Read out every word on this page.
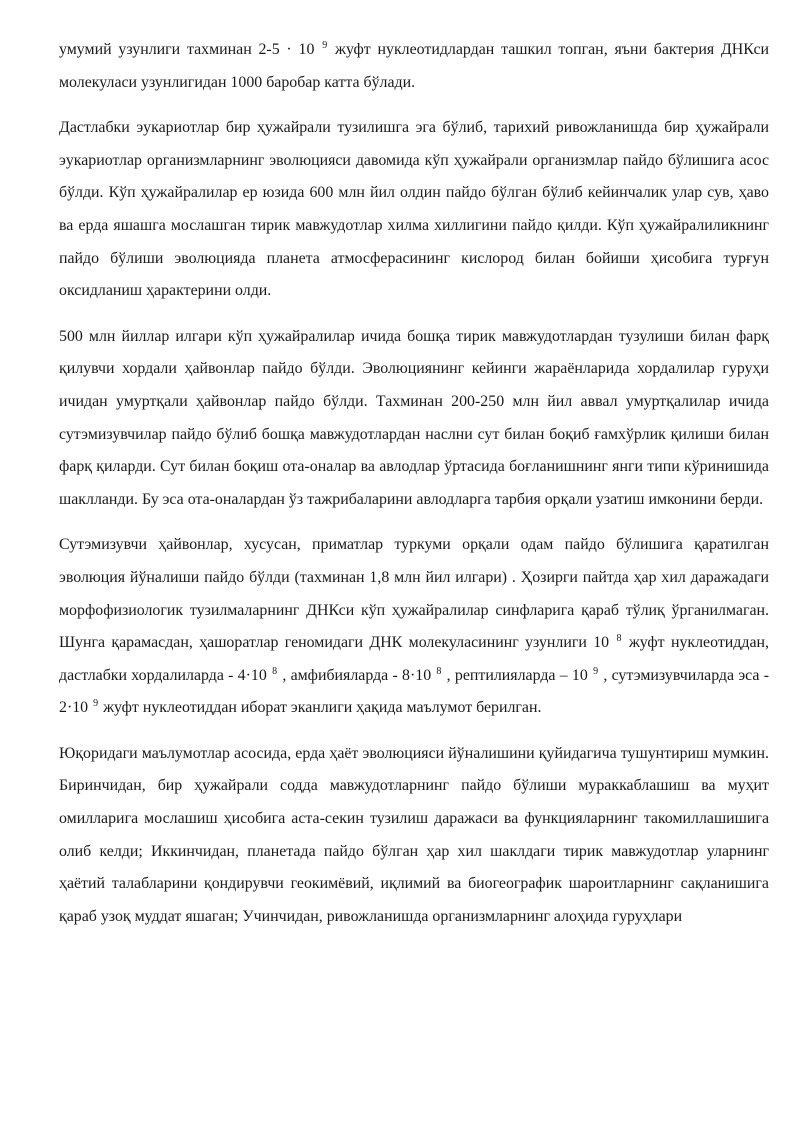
умумий узунлиги тахминан 2-5 · 10 $^9$ жуфт нуклеотидлардан ташкил топган, яъни бактерия ДНКси молекуласи узунлигидан 1000 баробар катта бўлади.

Дастлабки эукариотлар бир ҳужайрали тузилишга эга бўлиб, тарихий ривожланишда бир ҳужайрали эукариотлар организмларнинг эволюцияси давомида кўп ҳужайрали организмлар пайдо бўлишига асос бўлди. Кўп ҳужайралилар ер юзида 600 млн йил олдин пайдо бўлган бўлиб кейинчалик улар сув, ҳаво ва ерда яшашга мослашган тирик мавжудотлар хилма хиллигини пайдо қилди. Кўп ҳужайралиликнинг пайдо бўлиши эволюцияда планета атмосферасининг кислород билан бойиши ҳисобига турғун оксидланиш ҳарактерини олди.

500 млн йиллар илгари кўп ҳужайралилар ичида бошқа тирик мавжудотлардан тузулиши билан фарқ қилувчи хордали ҳайвонлар пайдо бўлди. Эволюциянинг кейинги жараёнларида хордалилар гуруҳи ичидан умуртқали ҳайвонлар пайдо бўлди. Тахминан 200-250 млн йил аввал умуртқалилар ичида сутэмизувчилар пайдо бўлиб бошқа мавжудотлардан наслни сут билан боқиб ғамхўрлик қилиши билан фарқ қиларди. Сут билан боқиш ота-оналар ва авлодлар ўртасида боғланишнинг янги типи кўринишида шаклланди. Бу эса ота-оналардан ўз тажрибаларини авлодларга тарбия орқали узатиш имконини берди.

Сутэмизувчи ҳайвонлар, хусусан, приматлар туркуми орқали одам пайдо бўлишига қаратилган эволюция йўналиши пайдо бўлди (тахминан 1,8 млн йил илгари) . Ҳозирги пайтда ҳар хил даражадаги морфофизиологик тузилмаларнинг ДНКси кўп ҳужайралилар синфларига қараб тўлиқ ўрганилмаган. Шунга қарамасдан, ҳашоратлар геномидаги ДНК молекуласининг узунлиги 10 $^8$ жуфт нуклеотиддан, дастлабки хордалиларда - 4·10 $^8$ , амфибияларда - 8·10 $^8$ , рептилияларда – 10 $^9$ , сутэмизувчиларда эса - 2·10 $^9$ жуфт нуклеотиддан иборат эканлиги ҳақида маълумот берилган.

Юқоридаги маълумотлар асосида, ерда ҳаёт эволюцияси йўналишини қуйидагича тушунтириш мумкин. Биринчидан, бир ҳужайрали содда мавжудотларнинг пайдо бўлиши мураккаблашиш ва муҳит омилларига мослашиш ҳисобига аста-секин тузилиш даражаси ва функцияларнинг такомиллашишига олиб келди; Иккинчидан, планетада пайдо бўлган ҳар хил шаклдаги тирик мавжудотлар уларнинг ҳаётий талабларини қондирувчи геокимёвий, иқлимий ва биогеографик шароитларнинг сақланишига қараб узоқ муддат яшаган; Учинчидан, ривожланишда организмларнинг алоҳида гуруҳлари
